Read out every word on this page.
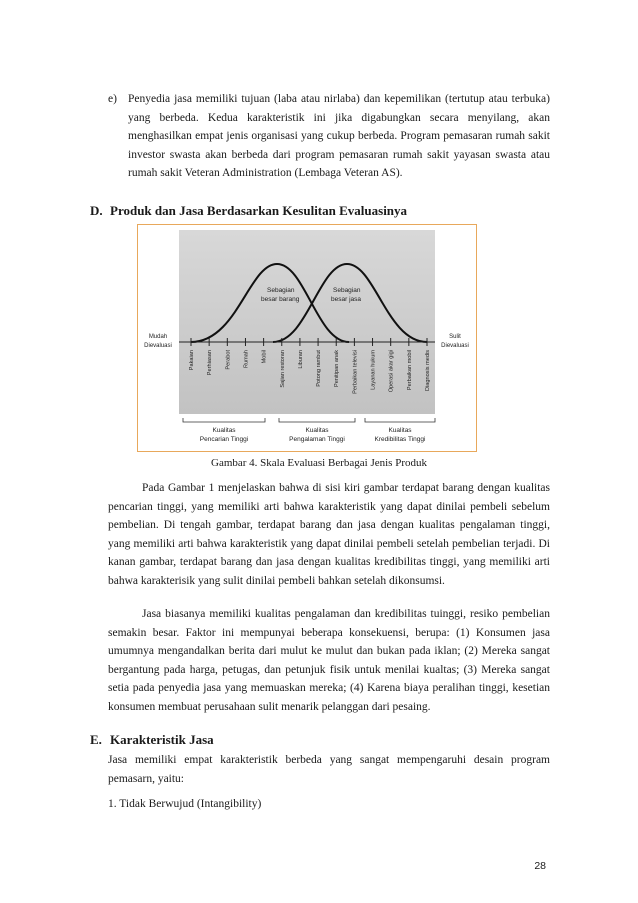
e) Penyedia jasa memiliki tujuan (laba atau nirlaba) dan kepemilikan (tertutup atau terbuka) yang berbeda. Kedua karakteristik ini jika digabungkan secara menyilang, akan menghasilkan empat jenis organisasi yang cukup berbeda. Program pemasaran rumah sakit investor swasta akan berbeda dari program pemasaran rumah sakit yayasan swasta atau rumah sakit Veteran Administration (Lembaga Veteran AS).
D. Produk dan Jasa Berdasarkan Kesulitan Evaluasinya
Pakaian Perhiasan Perabot Rumah Mobil Sajian restoran Liburan Potong rambut Penitipan anak Perbaikan televisi Layanan hukum Operasi akar gigi Perbaikan mobil Diagnosis medis
Sebagian
besar barang
Sebagian
besar jasa
Mudah
Dievaluasi
Sulit
Dievaluasi
Kualitas
Pencarian Tinggi
Kualitas
Pengalaman Tinggi
Kualitas
Kredibilitas Tinggi
Gambar 4. Skala Evaluasi Berbagai Jenis Produk

Pada Gambar 1 menjelaskan bahwa di sisi kiri gambar terdapat barang dengan kualitas pencarian tinggi, yang memiliki arti bahwa karakteristik yang dapat dinilai pembeli sebelum pembelian. Di tengah gambar, terdapat barang dan jasa dengan kualitas pengalaman tinggi, yang memiliki arti bahwa karakteristik yang dapat dinilai pembeli setelah pembelian terjadi. Di kanan gambar, terdapat barang dan jasa dengan kualitas kredibilitas tinggi, yang memiliki arti bahwa karakterisik yang sulit dinilai pembeli bahkan setelah dikonsumsi.

Jasa biasanya memiliki kualitas pengalaman dan kredibilitas tuinggi, resiko pembelian semakin besar. Faktor ini mempunyai beberapa konsekuensi, berupa: (1) Konsumen jasa umumnya mengandalkan berita dari mulut ke mulut dan bukan pada iklan; (2) Mereka sangat bergantung pada harga, petugas, dan petunjuk fisik untuk menilai kualtas; (3) Mereka sangat setia pada penyedia jasa yang memuaskan mereka; (4) Karena biaya peralihan tinggi, kesetian konsumen membuat perusahaan sulit menarik pelanggan dari pesaing.

E. Karakteristik Jasa

Jasa memiliki empat karakteristik berbeda yang sangat mempengaruhi desain program pemasarn, yaitu:

1. Tidak Berwujud (Intangibility)

28
